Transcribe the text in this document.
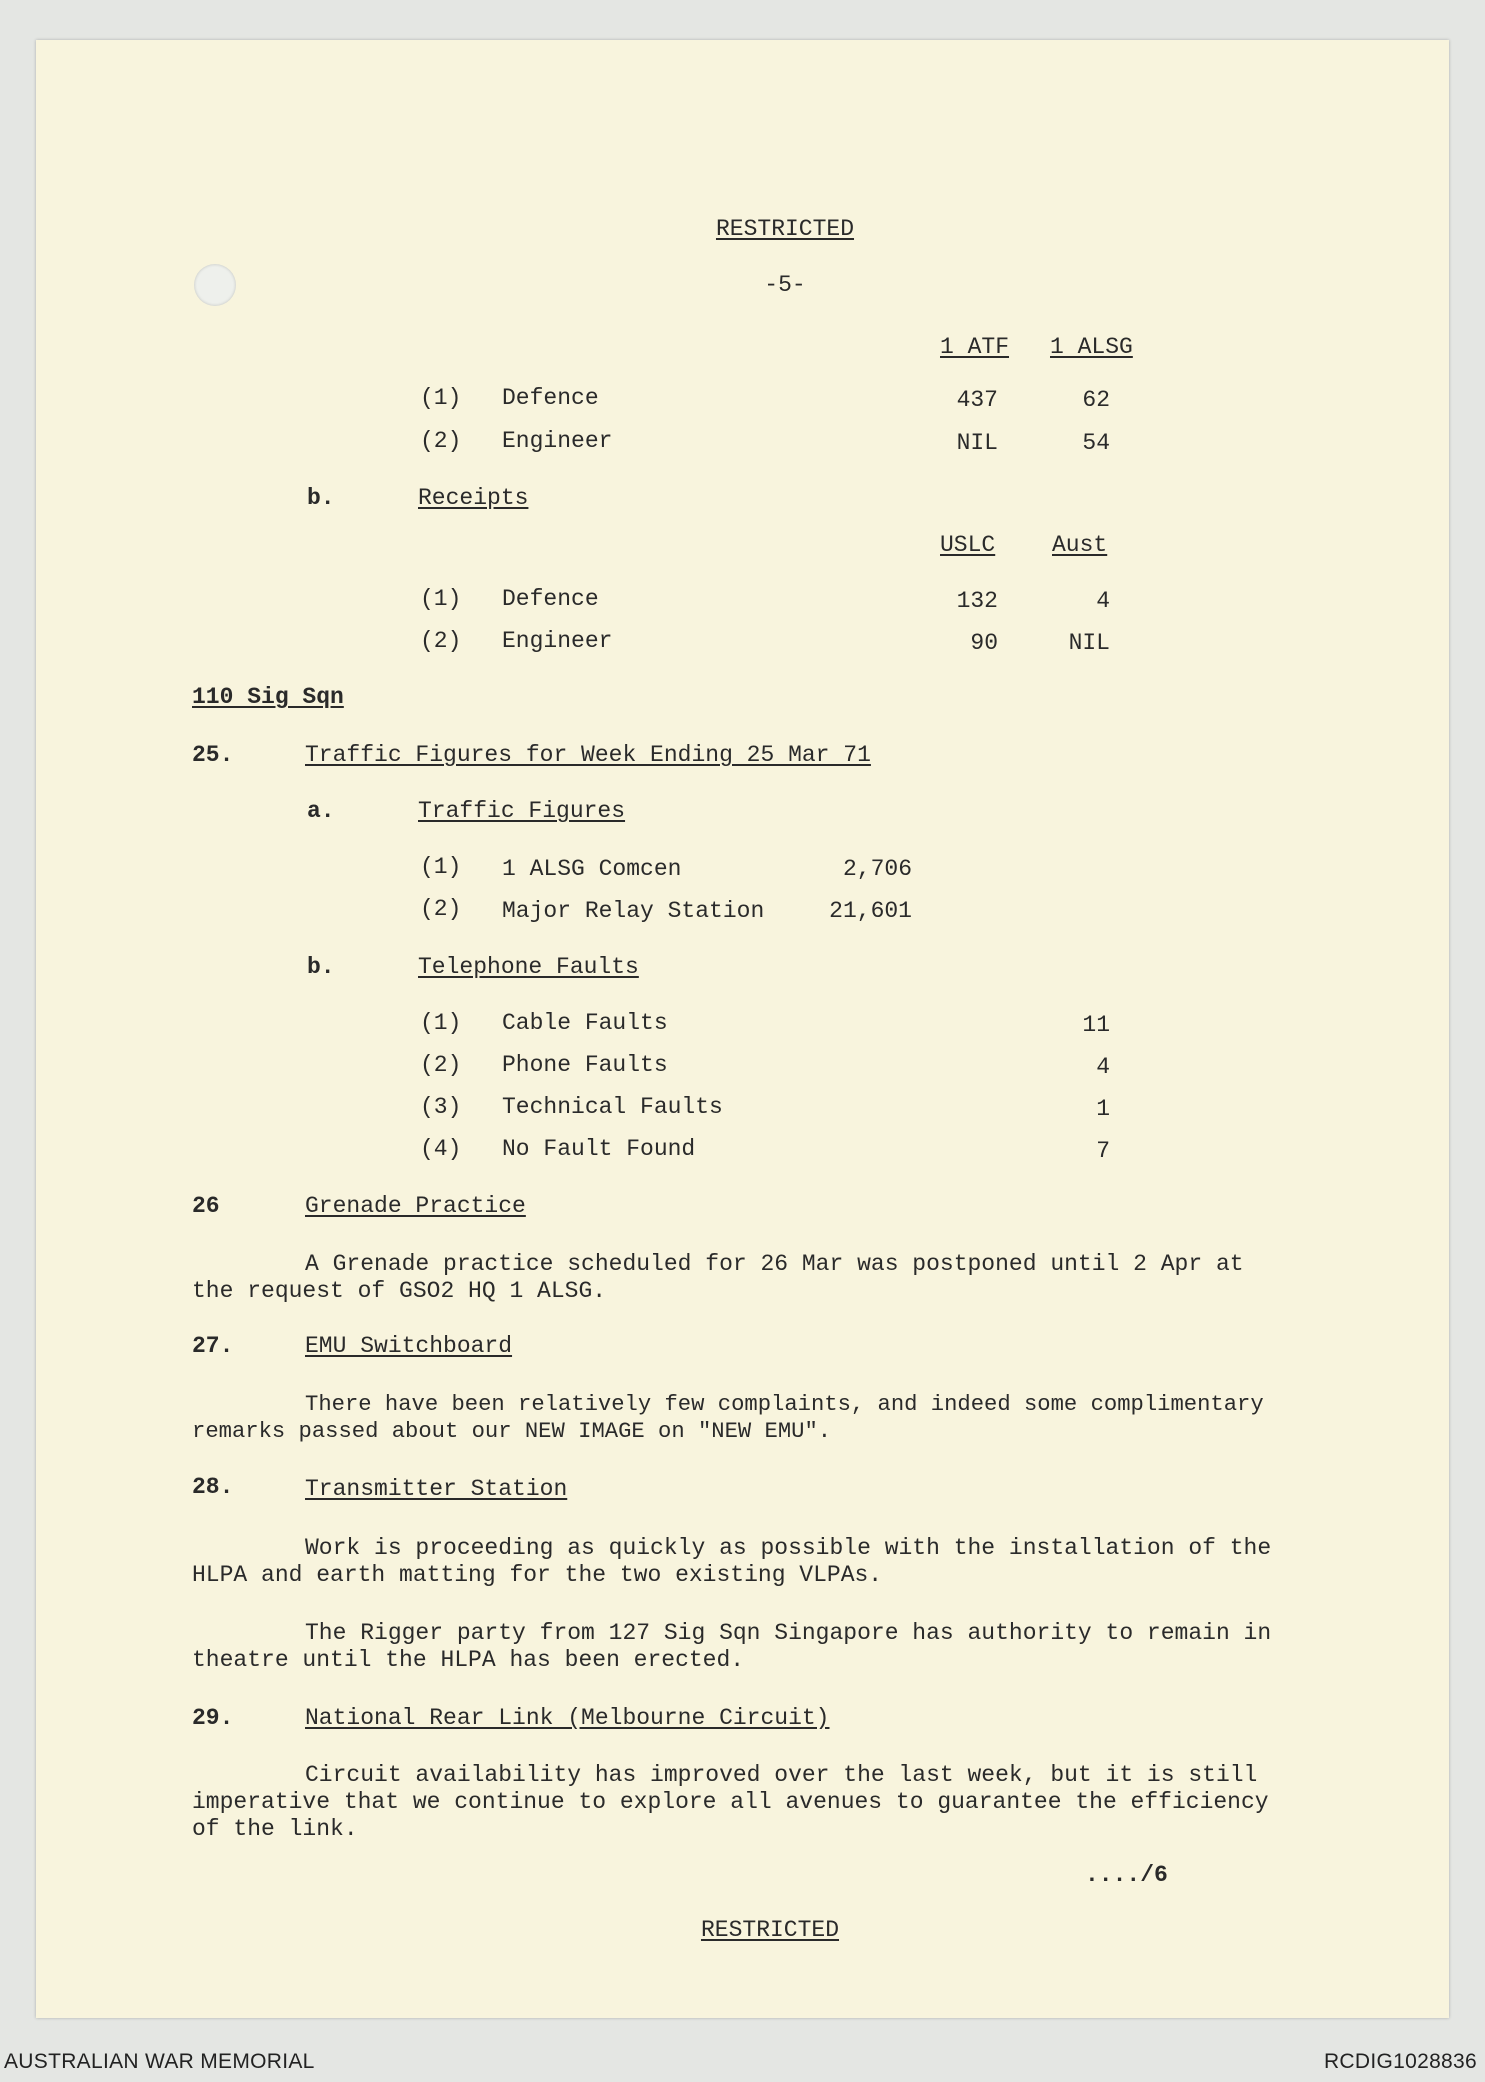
RESTRICTED
-5-
1 ATF 1 ALSG
(1) Defence	437	62
(2) Engineer	NIL	54
b.	Receipts
USLC Aust
(1) Defence	132	4
(2) Engineer	90	NIL
110 Sig Sqn
25.	Traffic Figures for Week Ending 25 Mar 71
a.	Traffic Figures
(1) 1 ALSG Comcen	2,706
(2) Major Relay Station	21,601
b.	Telephone Faults
(1) Cable Faults	11
(2) Phone Faults	4
(3) Technical Faults	1
(4) No Fault Found	7
26	Grenade Practice
A Grenade practice scheduled for 26 Mar was postponed until 2 Apr at
the request of GSO2 HQ 1 ALSG.
27.	EMU Switchboard
There have been relatively few complaints, and indeed some complimentary
remarks passed about our NEW IMAGE on "NEW EMU".
28.	Transmitter Station
Work is proceeding as quickly as possible with the installation of the
HLPA and earth matting for the two existing VLPAs.
The Rigger party from 127 Sig Sqn Singapore has authority to remain in
theatre until the HLPA has been erected.
29.	National Rear Link (Melbourne Circuit)
Circuit availability has improved over the last week, but it is still
imperative that we continue to explore all avenues to guarantee the efficiency
of the link.
..../6
RESTRICTED
AUSTRALIAN WAR MEMORIAL	RCDIG1028836
